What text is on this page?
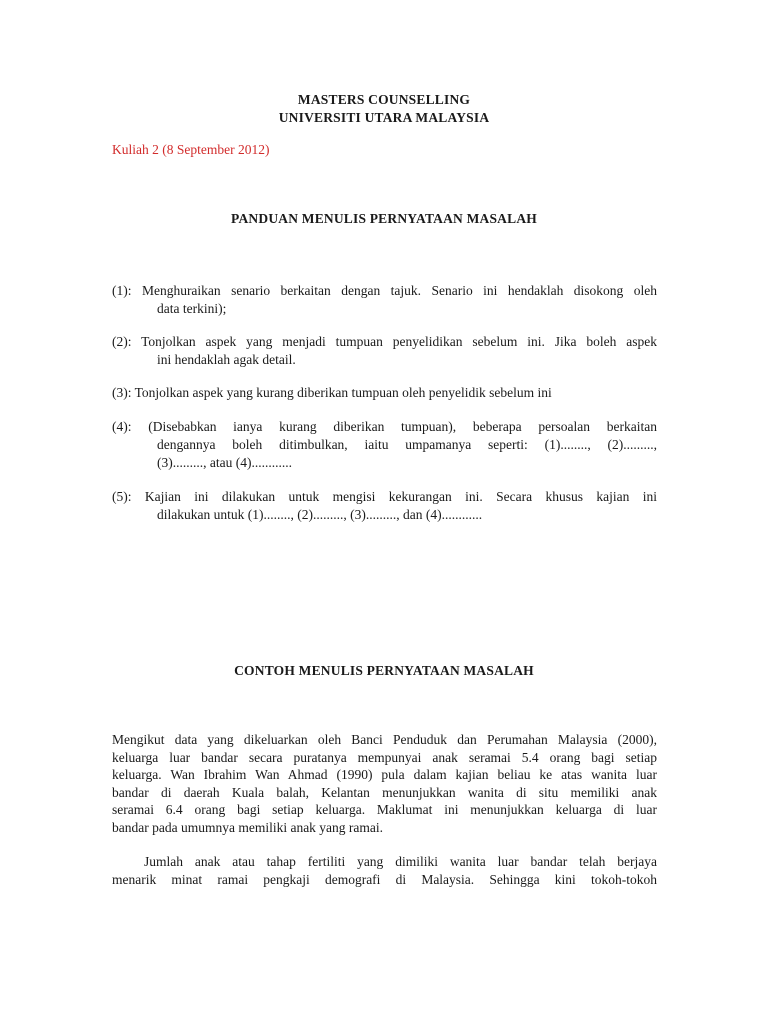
MASTERS COUNSELLING
UNIVERSITI UTARA MALAYSIA
Kuliah 2 (8 September 2012)
PANDUAN MENULIS PERNYATAAN MASALAH
(1): Menghuraikan senario berkaitan dengan tajuk. Senario ini hendaklah disokong oleh
data terkini);
(2): Tonjolkan aspek yang menjadi tumpuan penyelidikan sebelum ini. Jika boleh aspek
ini hendaklah agak detail.
(3): Tonjolkan aspek yang kurang diberikan tumpuan oleh penyelidik sebelum ini
(4): (Disebabkan ianya kurang diberikan tumpuan), beberapa persoalan berkaitan
dengannya boleh ditimbulkan, iaitu umpamanya seperti: (1)........, (2).........,
(3)........., atau (4)............
(5): Kajian ini dilakukan untuk mengisi kekurangan ini. Secara khusus kajian ini
dilakukan untuk (1)........, (2)........., (3)........., dan (4)............
CONTOH MENULIS PERNYATAAN MASALAH
Mengikut data yang dikeluarkan oleh Banci Penduduk dan Perumahan Malaysia (2000),
keluarga luar bandar secara puratanya mempunyai anak seramai 5.4 orang bagi setiap
keluarga. Wan Ibrahim Wan Ahmad (1990) pula dalam kajian beliau ke atas wanita luar
bandar di daerah Kuala balah, Kelantan menunjukkan wanita di situ memiliki anak
seramai 6.4 orang bagi setiap keluarga. Maklumat ini menunjukkan keluarga di luar
bandar pada umumnya memiliki anak yang ramai.
Jumlah anak atau tahap fertiliti yang dimiliki wanita luar bandar telah berjaya
menarik minat ramai pengkaji demografi di Malaysia. Sehingga kini tokoh-tokoh
